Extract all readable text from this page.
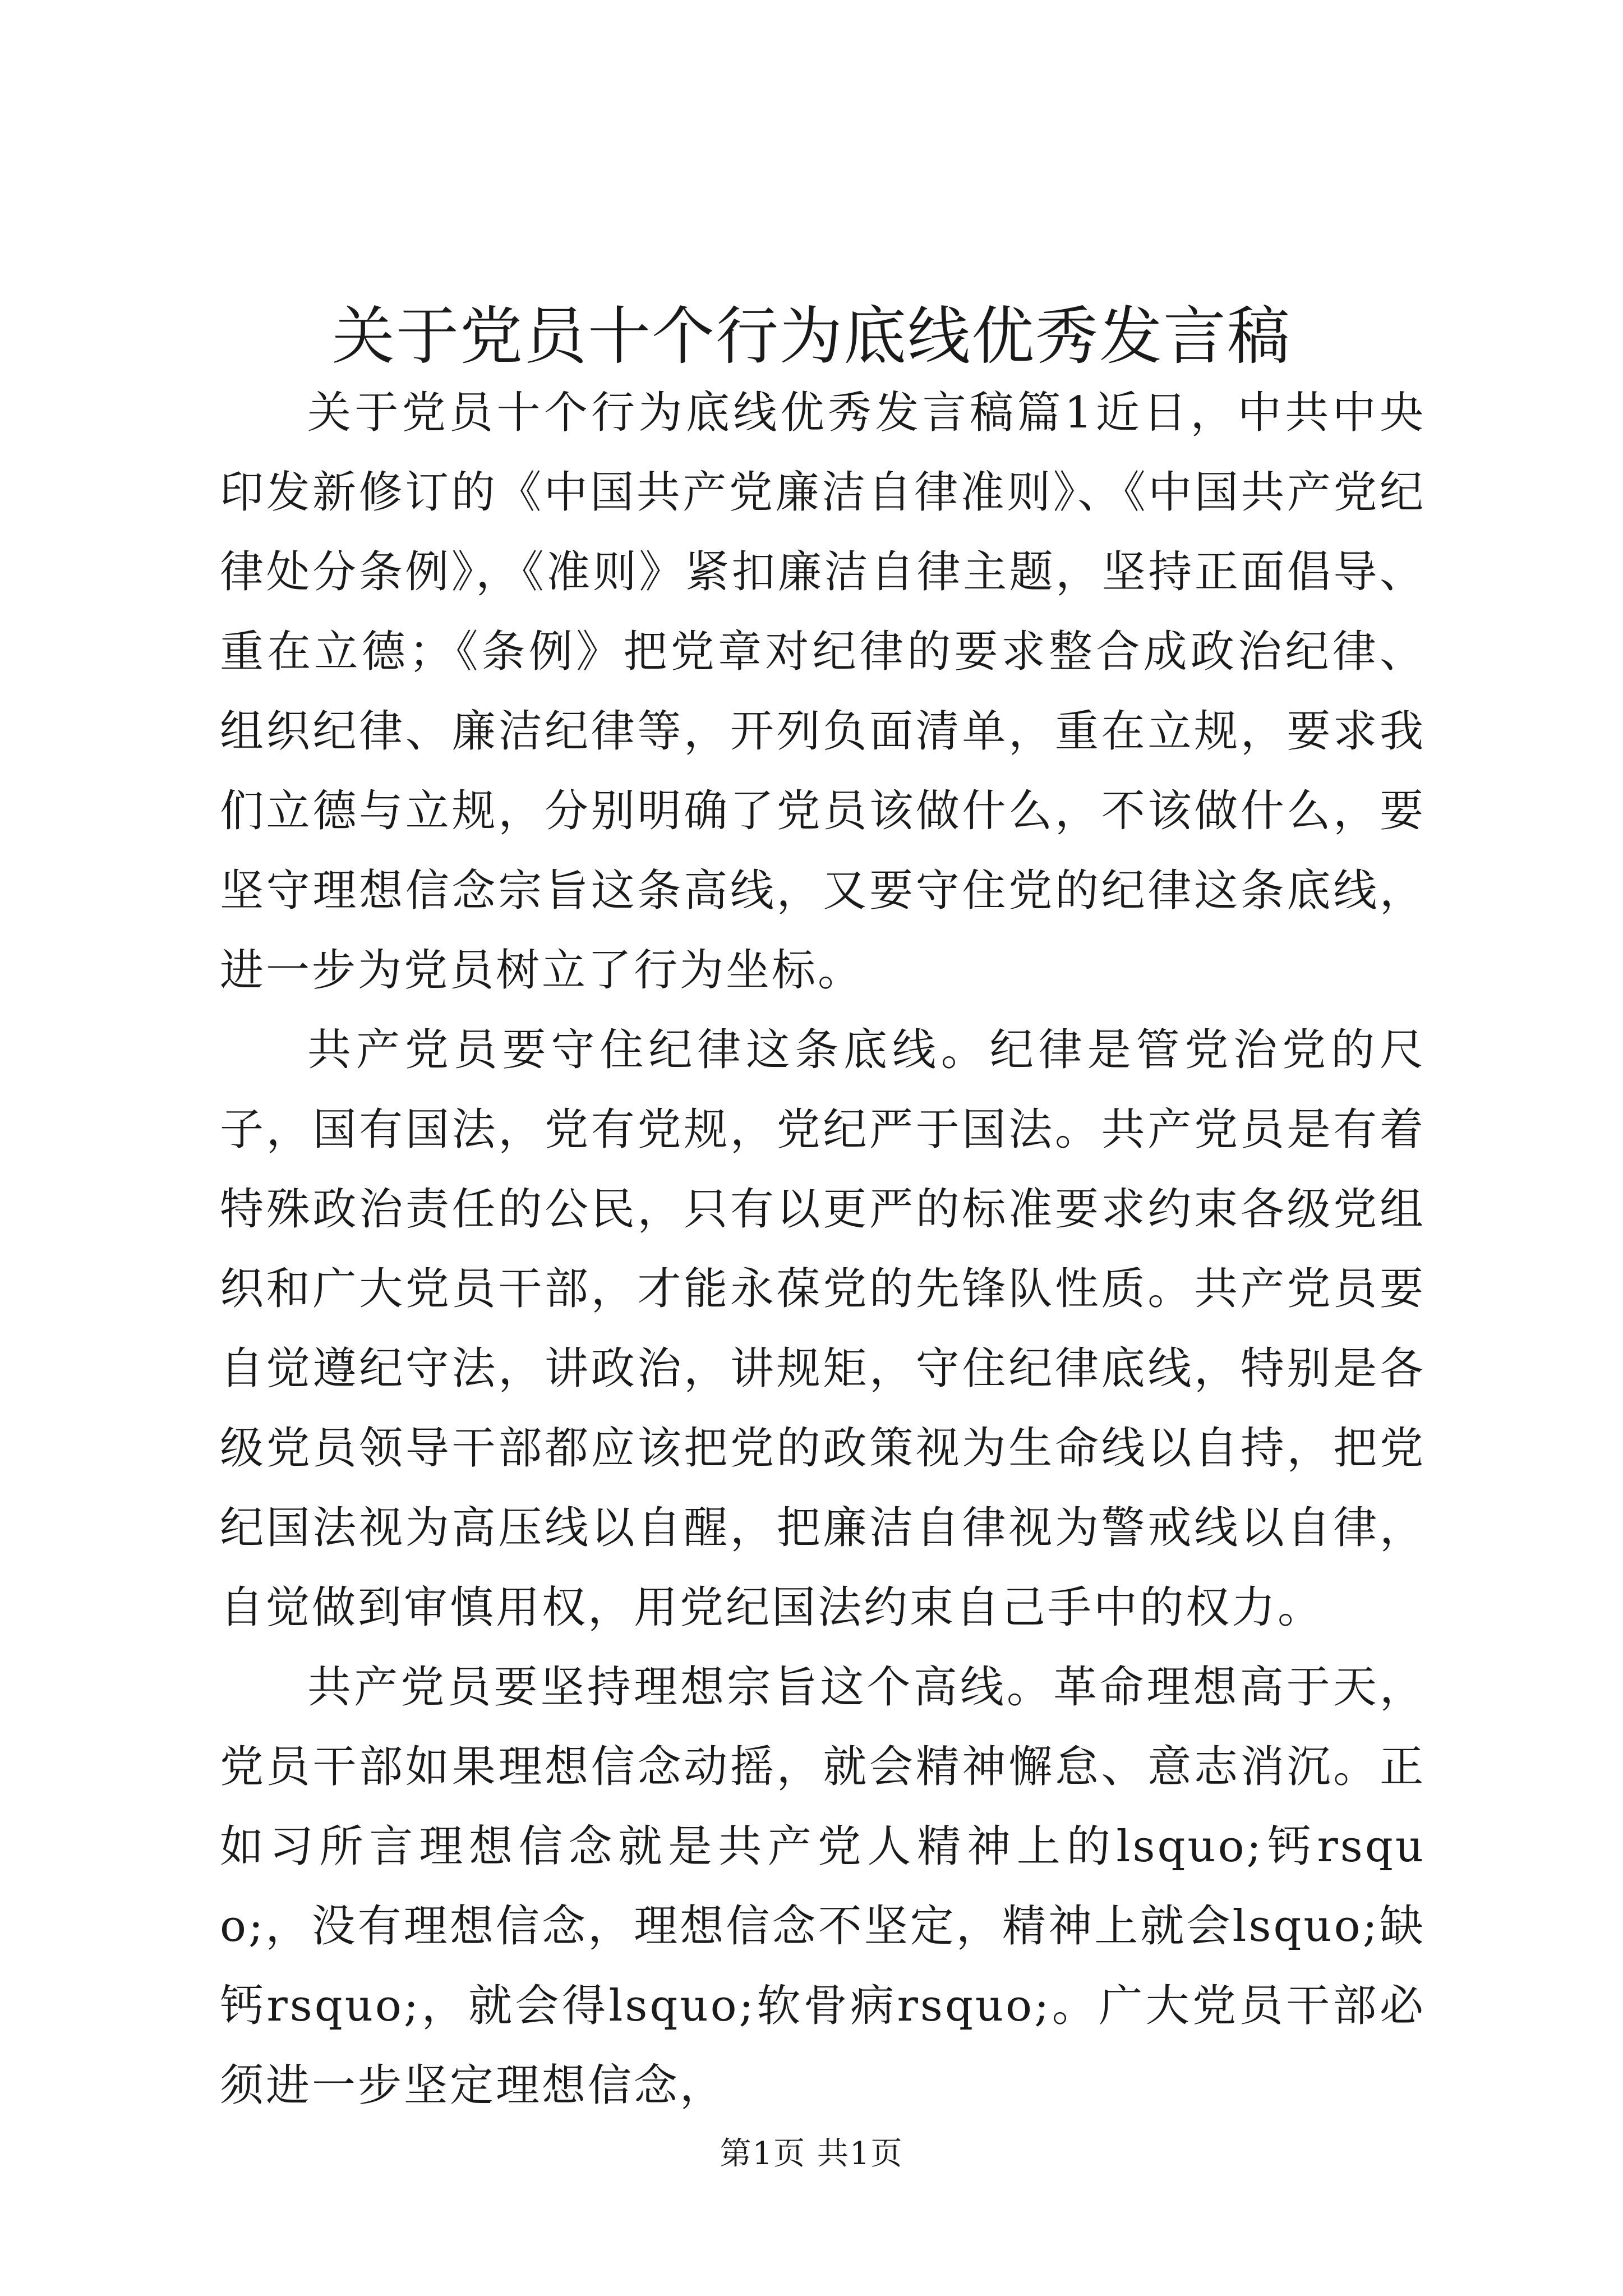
关于党员十个行为底线优秀发言稿

关于党员十个行为底线优秀发言稿篇1近日，中共中央印发新修订的《中国共产党廉洁自律准则》、《中国共产党纪律处分条例》，《准则》紧扣廉洁自律主题，坚持正面倡导、重在立德；《条例》把党章对纪律的要求整合成政治纪律、组织纪律、廉洁纪律等，开列负面清单，重在立规，要求我们立德与立规，分别明确了党员该做什么，不该做什么，要坚守理想信念宗旨这条高线，又要守住党的纪律这条底线，进一步为党员树立了行为坐标。

共产党员要守住纪律这条底线。纪律是管党治党的尺子，国有国法，党有党规，党纪严于国法。共产党员是有着特殊政治责任的公民，只有以更严的标准要求约束各级党组织和广大党员干部，才能永葆党的先锋队性质。共产党员要自觉遵纪守法，讲政治，讲规矩，守住纪律底线，特别是各级党员领导干部都应该把党的政策视为生命线以自持，把党纪国法视为高压线以自醒，把廉洁自律视为警戒线以自律，自觉做到审慎用权，用党纪国法约束自己手中的权力。

共产党员要坚持理想宗旨这个高线。革命理想高于天，党员干部如果理想信念动摇，就会精神懈怠、意志消沉。正如习所言理想信念就是共产党人精神上的lsquo;钙rsquo;，没有理想信念，理想信念不坚定，精神上就会lsquo;缺钙rsquo;，就会得lsquo;软骨病rsquo;。广大党员干部必须进一步坚定理想信念，

第1页 共1页
